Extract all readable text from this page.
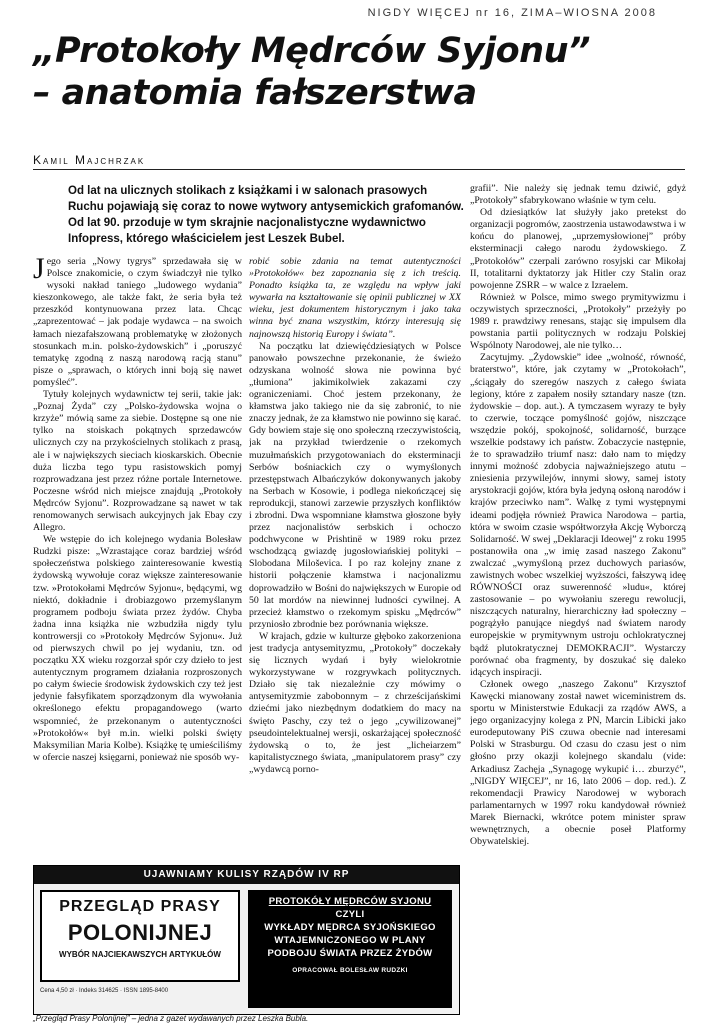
NIGDY WIĘCEJ nr 16, ZIMA–WIOSNA 2008
„Protokoły Mędrców Syjonu”
– anatomia fałszerstwa
Kamil Majchrzak
Od lat na ulicznych stolikach z książkami i w salonach prasowych Ruchu pojawiają się coraz to nowe wytwory antysemickich grafomanów. Od lat 90. przoduje w tym skrajnie nacjonalistyczne wydawnictwo Infopress, którego właścicielem jest Leszek Bubel.

Jego seria „Nowy tygrys” sprzedawała się w Polsce znakomicie, o czym świadczył nie tylko wysoki nakład taniego „ludowego wydania” kieszonkowego, ale także fakt, że seria była też przeszkód kontynuowana przez lata. Chcąc „zaprezentować – jak podaje wydawca – na swoich łamach niezafałszowaną problematykę w złożonych stosunkach m.in. polsko-żydowskich” i „poruszyć tematykę zgodną z naszą narodową racją stanu” pisze o „sprawach, o których inni boją się nawet pomyśleć”.

Tytuły kolejnych wydawnictw tej serii, takie jak: „Poznaj Żyda” czy „Polsko-żydowska wojna o krzyże” mówią same za siebie. Dostępne są one nie tylko na stoiskach pokątnych sprzedawców ulicznych czy na przykościelnych stolikach z prasą, ale i w największych sieciach kioskarskich. Obecnie duża liczba tego typu rasistowskich pomyj rozprowadzana jest przez różne portale Internetowe. Poczesne wśród nich miejsce znajdują „Protokoły Mędrców Syjonu”. Rozprowadzane są nawet w tak renomowanych serwisach aukcyjnych jak Ebay czy Allegro.

We wstępie do ich kolejnego wydania Bolesław Rudzki pisze: „Wzrastające coraz bardziej wśród społeczeństwa polskiego zainteresowanie kwestią żydowską wywołuje coraz większe zainteresowanie tzw. »Protokołami Mędrców Syjonu«, będącymi, wg niektó, dokładnie i drobiazgowo przemyślanym programem podboju świata przez żydów. Chyba żadna inna książka nie wzbudziła nigdy tylu kontrowersji co »Protokoły Mędrców Syjonu«. Już od pierwszych chwil po jej wydaniu, tzn. od początku XX wieku rozgorzał spór czy dzieło to jest autentycznym programem działania rozproszonych po całym świecie środowisk żydowskich czy też jest jedynie fałsyfikatem sporządzonym dla wywołania określonego efektu propagandowego (warto wspomnieć, że przekonanym o autentyczności »Protokołów« był m.in. wielki polski święty Maksymilian Maria Kolbe). Książkę tę umieściliśmy w ofercie naszej księgarni, ponieważ nie sposób wy-

robić sobie zdania na temat autentyczności »Protokołów« bez zapoznania się z ich treścią. Ponadto książka ta, ze względu na wpływ jaki wywarła na kształtowanie się opinii publicznej w XX wieku, jest dokumentem historycznym i jako taka winna być znana wszystkim, którzy interesują się najnowszą historią Europy i świata”.

Na początku lat dziewięćdziesiątych w Polsce panowało powszechne przekonanie, że świeżo odzyskana wolność słowa nie powinna być „tłumiona” jakimikolwiek zakazami czy ograniczeniami. Choć jestem przekonany, że kłamstwa jako takiego nie da się zabronić, to nie znaczy jednak, że za kłamstwo nie powinno się karać. Gdy bowiem staje się ono społeczną rzeczywistością, jak na przykład twierdzenie o rzekomych muzułmańskich przygotowaniach do eksterminacji Serbów bośniackich czy o wymyślonych przestępstwach Albańczyków dokonywanych jakoby na Serbach w Kosowie, i podlega niekończącej się reprodukcji, stanowi zarzewie przyszłych konfliktów i zbrodni. Dwa wspomniane kłamstwa głoszone były przez nacjonalistów serbskich i ochoczo podchwycone w Prishtinë w 1989 roku przez wschodzącą gwiazdę jugosłowiańskiej polityki – Slobodana Miloševica. I po raz kolejny znane z historii połączenie kłamstwa i nacjonalizmu doprowadziło w Bośni do największych w Europie od 50 lat mordów na niewinnej ludności cywilnej. A przecież kłamstwo o rzekomym spisku „Mędrców” przyniosło zbrodnie bez porównania większe.

W krajach, gdzie w kulturze głęboko zakorzeniona jest tradycja antysemityzmu, „Protokoły” doczekały się licznych wydań i były wielokrotnie wykorzystywane w rozgrywkach politycznych. Działo się tak niezależnie czy mówimy o antysemityzmie zabobonnym – z chrześcijańskimi dziećmi jako niezbędnym dodatkiem do macy na święto Paschy, czy też o jego „cywilizowanej” pseudointelektualnej wersji, oskarżającej społeczność żydowską o to, że jest „licheiarzem” kapitalistycznego świata, „manipulatorem prasy” czy „wydawcą porno-

grafii”. Nie należy się jednak temu dziwić, gdyż „Protokoły” sfabrykowano właśnie w tym celu.

Od dziesiątków lat służyły jako pretekst do organizacji pogromów, zaostrzenia ustawodawstwa i w końcu do planowej, „uprzemysłowionej” próby eksterminacji całego narodu żydowskiego. Z „Protokołów” czerpali zarówno rosyjski car Mikołaj II, totalitarni dyktatorzy jak Hitler czy Stalin oraz powojenne ZSRR – w walce z Izraelem.

Również w Polsce, mimo swego prymitywizmu i oczywistych sprzeczności, „Protokoły” przeżyły po 1989 r. prawdziwy renesans, stając się impulsem dla powstania partii politycznych w rodzaju Polskiej Wspólnoty Narodowej, ale nie tylko…

Zacytujmy. „Żydowskie” idee „wolność, równość, braterstwo”, które, jak czytamy w „Protokołach”, „ściągały do szeregów naszych z całego świata legiony, które z zapałem nosiły sztandary nasze (tzn. żydowskie – dop. aut.). A tymczasem wyrazy te były to czerwie, toczące pomyślność gojów, niszczące wszędzie pokój, spokojność, solidarność, burzące wszelkie podstawy ich państw. Zobaczycie następnie, że to sprawadziło triumf nasz: dało nam to między innymi możność zdobycia najważniejszego atutu – zniesienia przywilejów, innymi słowy, samej istoty arystokracji gojów, która była jedyną osłoną narodów i krajów przeciwko nam”. Walkę z tymi występnymi ideami podjęła również Prawica Narodowa – partia, która w swoim czasie współtworzyła Akcję Wyborczą Solidarność. W swej „Deklaracji Ideowej” z roku 1995 postanowiła ona „w imię zasad naszego Zakonu” zwalczać „wymyśloną przez duchowych pariasów, zawistnych wobec wszelkiej wyższości, fałszywą ideę RÓWNOŚCI oraz suwerenność »ludu«, której zastosowanie – po wywołaniu szeregu rewolucji, niszczących naturalny, hierarchiczny ład społeczny – pogrążyło panujące niegdyś nad światem narody europejskie w prymitywnym ustroju ochlokratycznej bądź plutokratycznej DEMOKRACJI”. Wystarczy porównać oba fragmenty, by doszukać się daleko idących inspiracji.

Członek owego „naszego Zakonu” Krzysztof Kawęcki mianowany został nawet wiceministrem ds. sportu w Ministerstwie Edukacji za rządów AWS, a jego organizacyjny kolega z PN, Marcin Libicki jako eurodeputowany PiS czuwa obecnie nad interesami Polski w Strasburgu. Od czasu do czasu jest o nim głośno przy okazji kolejnego skandalu (vide: Arkadiusz Zachęja „Synagogę wykupić i… zburzyć”, „NIGDY WIĘCEJ”, nr 16, lato 2006 – dop. red.). Z rekomendacji Prawicy Narodowej w wyborach parlamentarnych w 1997 roku kandydował również Marek Biernacki, wkrótce potem minister spraw wewnętrznych, a obecnie poseł Platformy Obywatelskiej.

UJAWNIAMY KULISY RZĄDÓW IV RP
PRZEGLĄD PRASY
POLONIJNEJ
WYBÓR NAJCIEKAWSZYCH ARTYKUŁÓW
Cena 4,50 zł · Indeks 314625 · ISSN 1895-8400
PROTOKÓŁY MĘDRCÓW SYJONU
CZYLI
WYKŁADY MĘDRCA SYJOŃSKIEGO
WTAJEMNICZONEGO W PLANY
PODBOJU ŚWIATA PRZEZ ŻYDÓW
OPRACOWAŁ BOLESŁAW RUDZKI
„Przegląd Prasy Polonijnej” – jedna z gazet wydawanych przez Leszka Bubla.
